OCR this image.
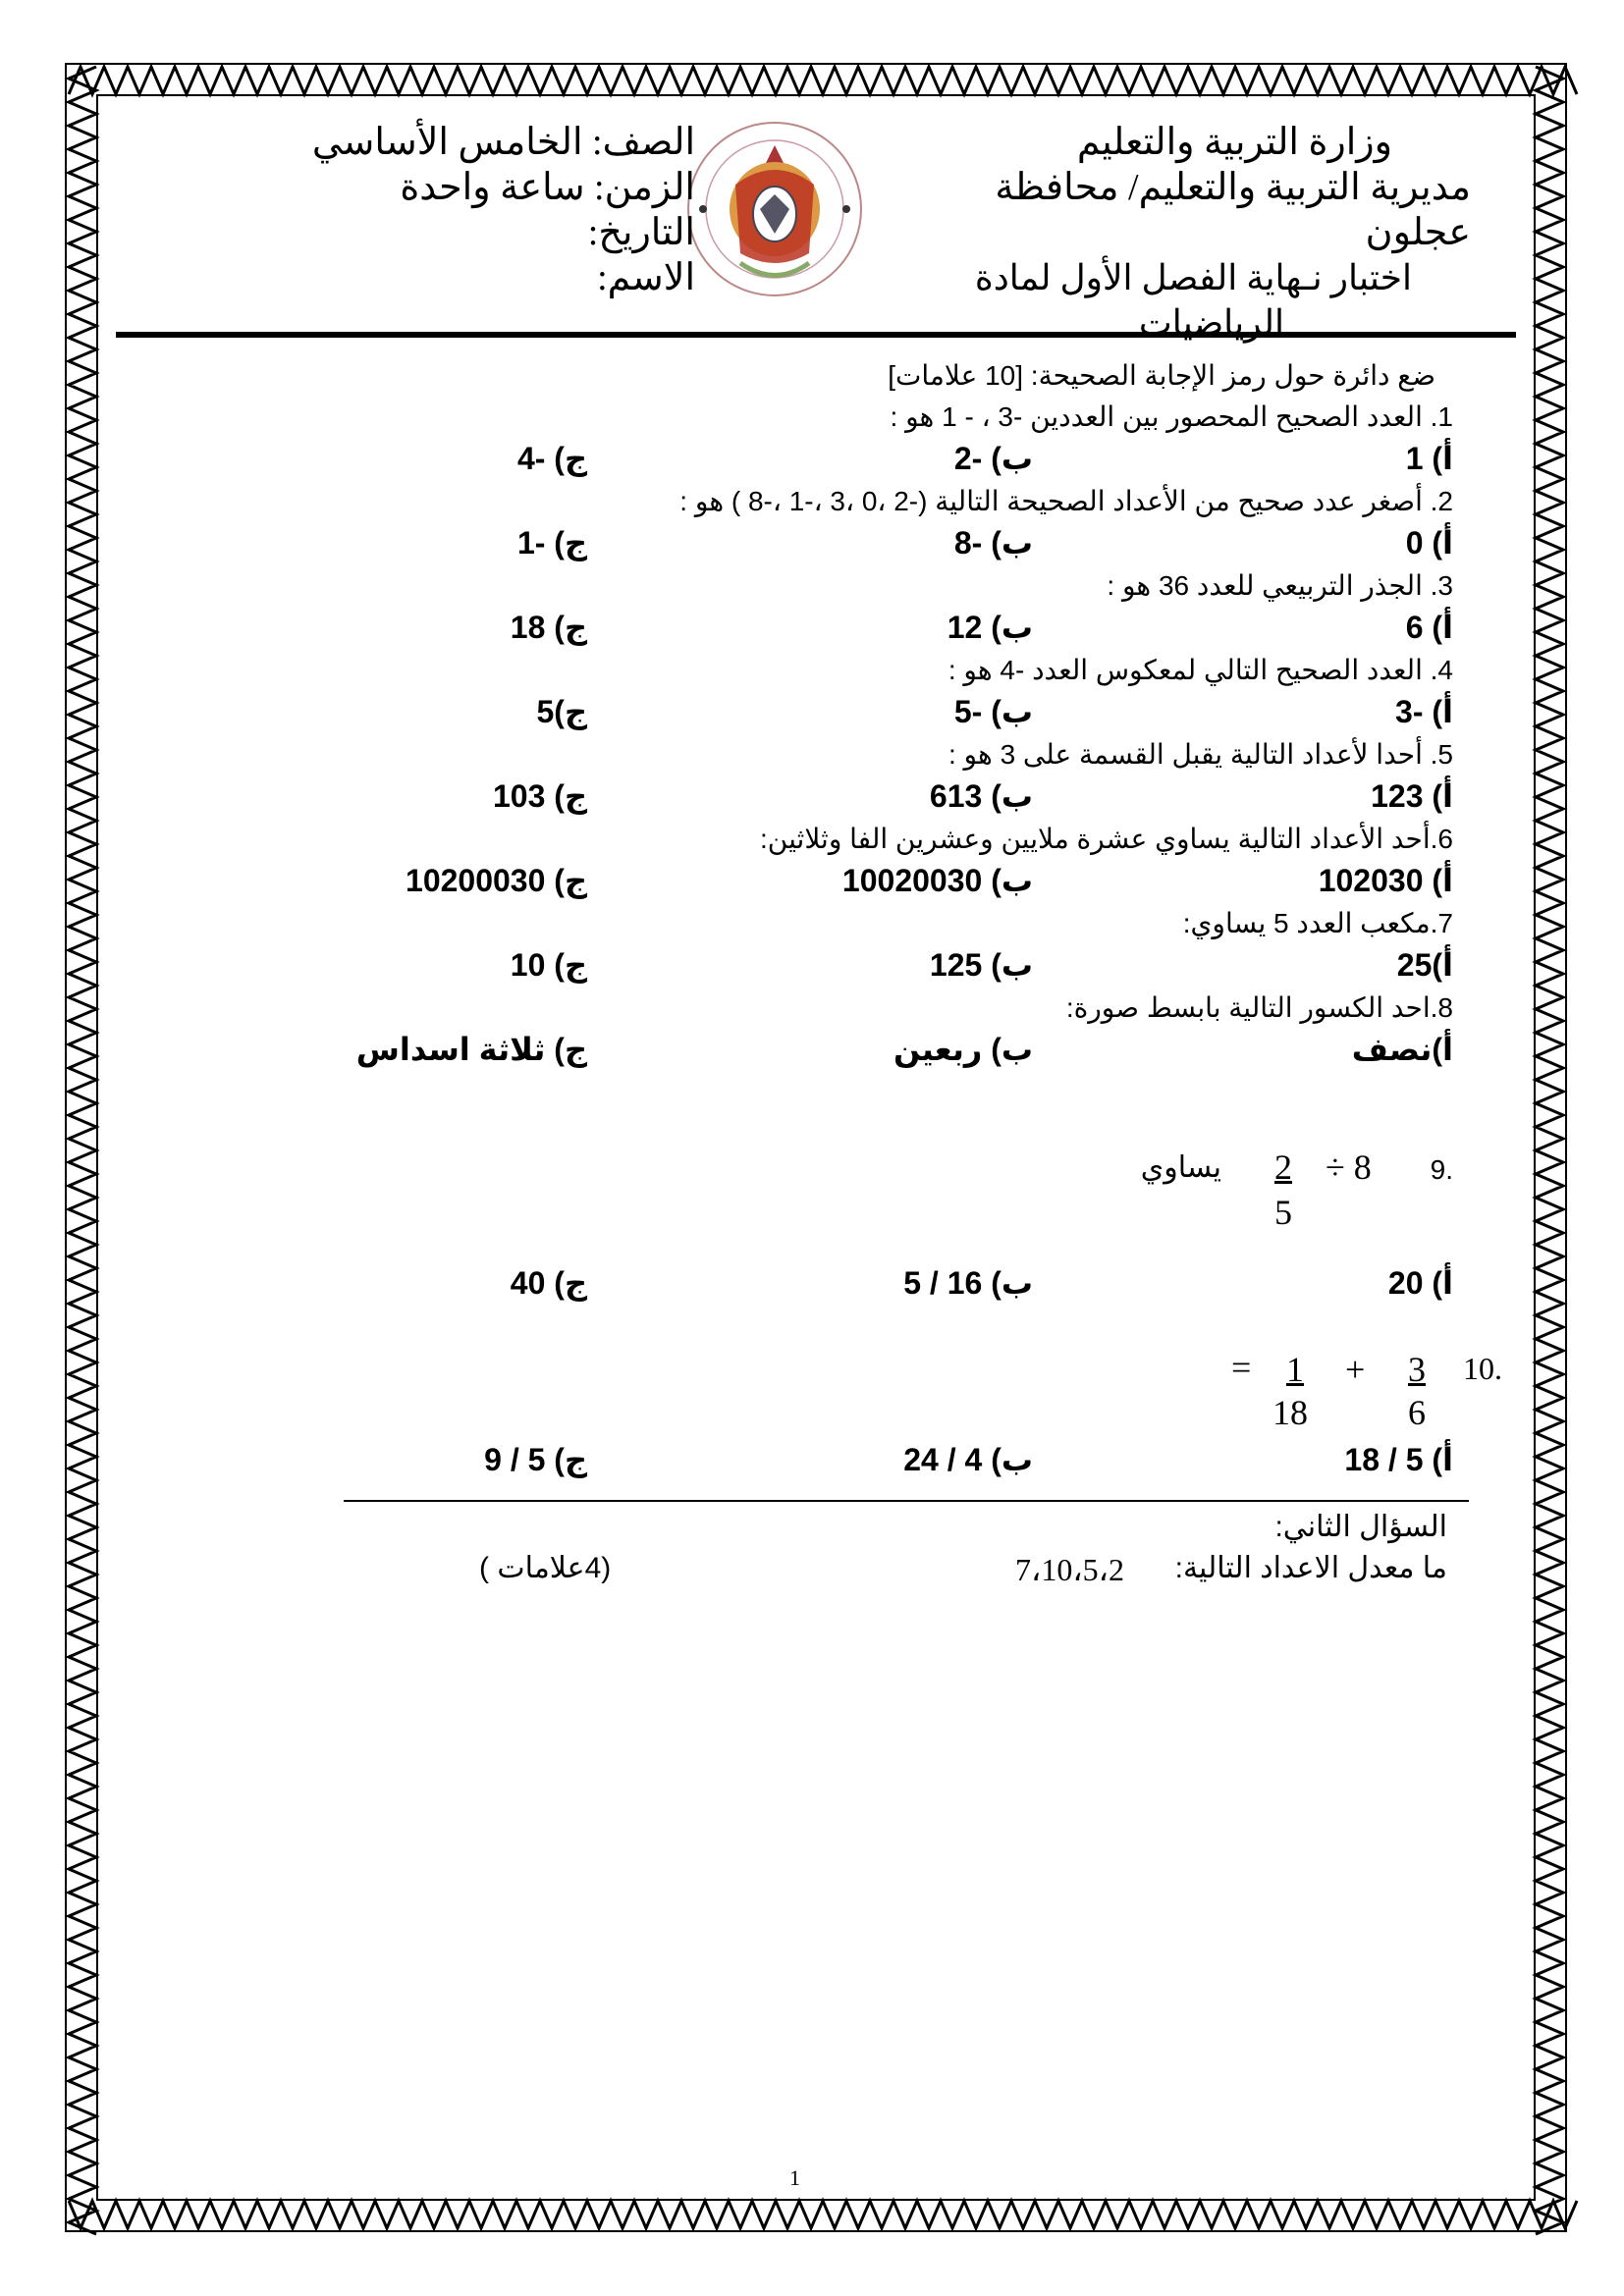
وزارة التربية والتعليم
مديرية التربية والتعليم/ محافظة عجلون
اختبار نـهاية الفصل الأول لمادة
الرياضيات
الصف: الخامس الأساسي
الزمن: ساعة واحدة
التاريخ:
الاسم:
ضع دائرة حول رمز الإجابة الصحيحة: [10 علامات]
1. العدد الصحيح المحصور بين العددين -3 ، - 1 هو :
أ) 1
ب) -2
ج) -4
2. أصغر عدد صحيح من الأعداد الصحيحة التالية (-2 ،0 ،3 ،-1 ،-8 ) هو :
أ) 0
ب) -8
ج) -1
3. الجذر التربيعي للعدد 36 هو :
أ) 6
ب) 12
ج) 18
4. العدد الصحيح التالي لمعكوس العدد -4 هو :
أ) -3
ب) -5
ج)5
5. أحدا لأعداد التالية يقبل القسمة على 3 هو :
أ) 123
ب) 613
ج) 103
6.أحد الأعداد التالية يساوي عشرة ملايين وعشرين الفا وثلاثين:
أ) 102030
ب) 10020030
ج) 10200030
7.مكعب العدد 5 يساوي:
أ)25
ب) 125
ج) 10
8.احد الكسور التالية بابسط صورة:
أ)نصف
ب) ربعين
ج) ثلاثة اسداس
.9
8 ÷
2
5
يساوي
أ) 20
ب) 16 / 5
ج) 40
.10
3
6
+
1
18
=
أ) 5 / 18
ب) 4 / 24
ج) 5 / 9
السؤال الثاني:
ما معدل الاعداد التالية:
7،10،5،2
(4علامات )
1
